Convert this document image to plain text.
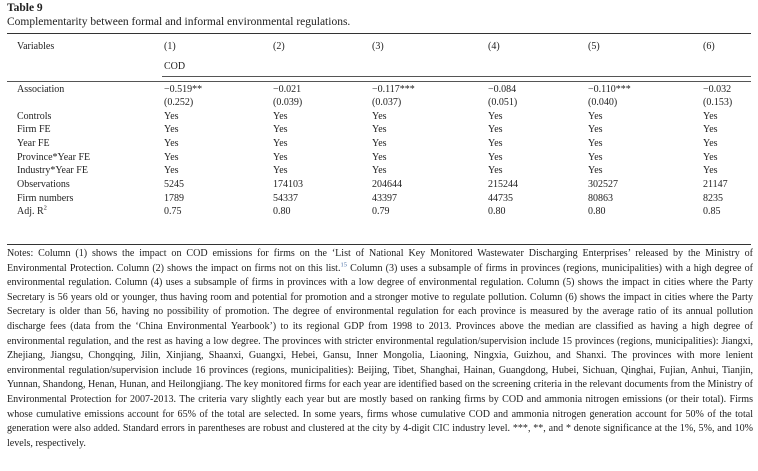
Table 9
Complementarity between formal and informal environmental regulations.
Variables	(1)	(2)	(3)	(4)	(5)	(6)
COD
Association	−0.519**	−0.021	−0.117***	−0.084	−0.110***	−0.032
(0.252)	(0.039)	(0.037)	(0.051)	(0.040)	(0.153)
Controls	Yes	Yes	Yes	Yes	Yes	Yes
Firm FE	Yes	Yes	Yes	Yes	Yes	Yes
Year FE	Yes	Yes	Yes	Yes	Yes	Yes
Province*Year FE	Yes	Yes	Yes	Yes	Yes	Yes
Industry*Year FE	Yes	Yes	Yes	Yes	Yes	Yes
Observations	5245	174103	204644	215244	302527	21147
Firm numbers	1789	54337	43397	44735	80863	8235
Adj. $R^2$	0.75	0.80	0.79	0.80	0.80	0.85
Notes: Column (1) shows the impact on COD emissions for firms on the ‘List of National Key Monitored Wastewater Discharging Enterprises’ released by the Ministry of Environmental Protection. Column (2) shows the impact on firms not on this list.$^{15}$ Column (3) uses a subsample of firms in provinces (regions, municipalities) with a high degree of environmental regulation. Column (4) uses a subsample of firms in provinces with a low degree of environmental regulation. Column (5) shows the impact in cities where the Party Secretary is 56 years old or younger, thus having room and potential for promotion and a stronger motive to regulate pollution. Column (6) shows the impact in cities where the Party Secretary is older than 56, having no possibility of promotion. The degree of environmental regulation for each province is measured by the average ratio of its annual pollution discharge fees (data from the ‘China Environmental Yearbook’) to its regional GDP from 1998 to 2013. Provinces above the median are classified as having a high degree of environmental regulation, and the rest as having a low degree. The provinces with stricter environmental regulation/supervision include 15 provinces (regions, municipalities): Jiangxi, Zhejiang, Jiangsu, Chongqing, Jilin, Xinjiang, Shaanxi, Guangxi, Hebei, Gansu, Inner Mongolia, Liaoning, Ningxia, Guizhou, and Shanxi. The provinces with more lenient environmental regulation/supervision include 16 provinces (regions, municipalities): Beijing, Tibet, Shanghai, Hainan, Guangdong, Hubei, Sichuan, Qinghai, Fujian, Anhui, Tianjin, Yunnan, Shandong, Henan, Hunan, and Heilongjiang. The key monitored firms for each year are identified based on the screening criteria in the relevant documents from the Ministry of Environmental Protection for 2007-2013. The criteria vary slightly each year but are mostly based on ranking firms by COD and ammonia nitrogen emissions (or their total). Firms whose cumulative emissions account for 65% of the total are selected. In some years, firms whose cumulative COD and ammonia nitrogen generation account for 50% of the total generation were also added. Standard errors in parentheses are robust and clustered at the city by 4-digit CIC industry level. ***, **, and * denote significance at the 1%, 5%, and 10% levels, respectively.
